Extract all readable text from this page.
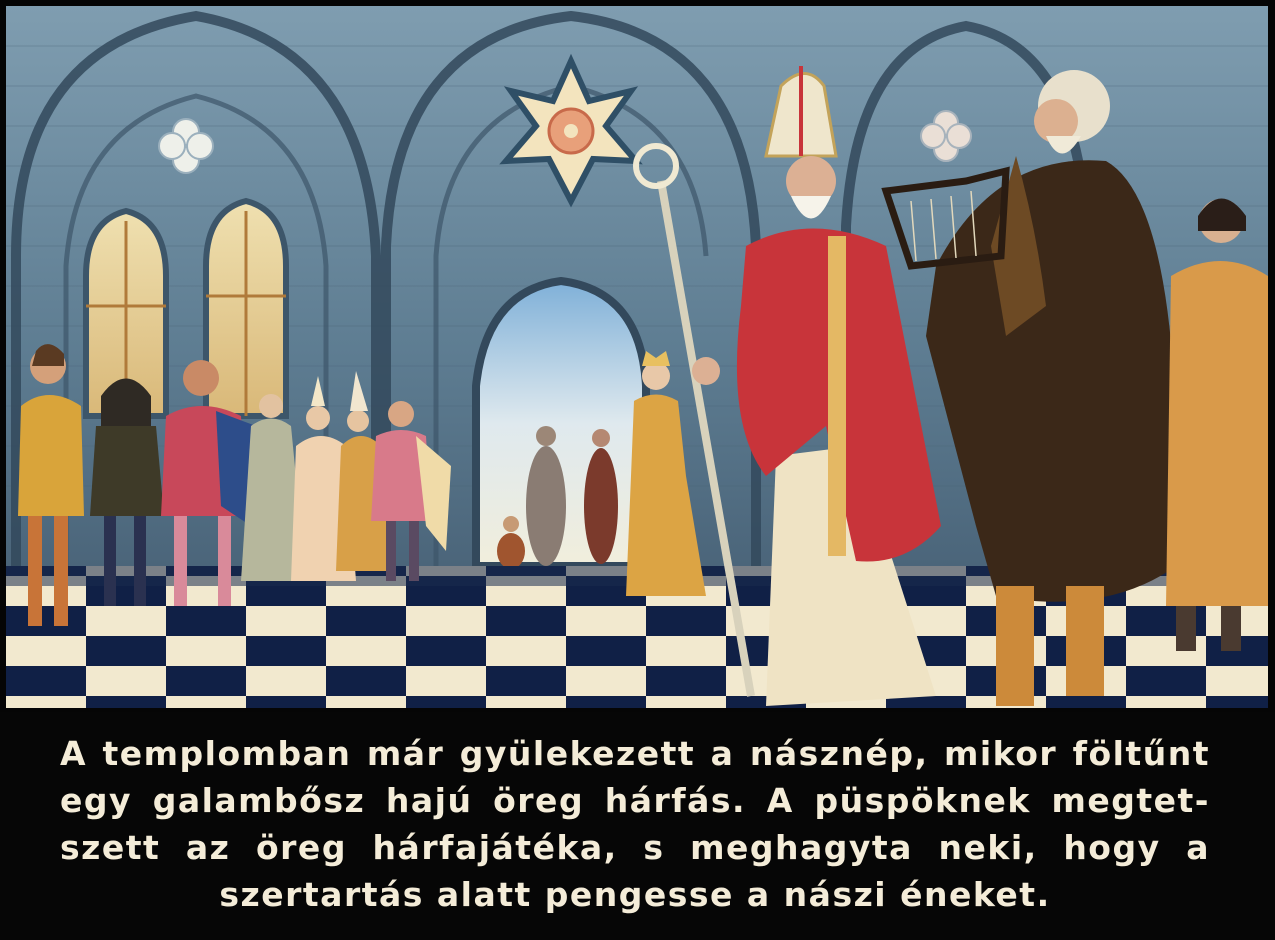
A templomban már gyülekezett a násznép, mikor föltűnt
egy galambősz hajú öreg hárfás. A püspöknek megtet-
szett az öreg hárfajátéka, s meghagyta neki, hogy a
szertartás alatt pengesse a nászi éneket.
